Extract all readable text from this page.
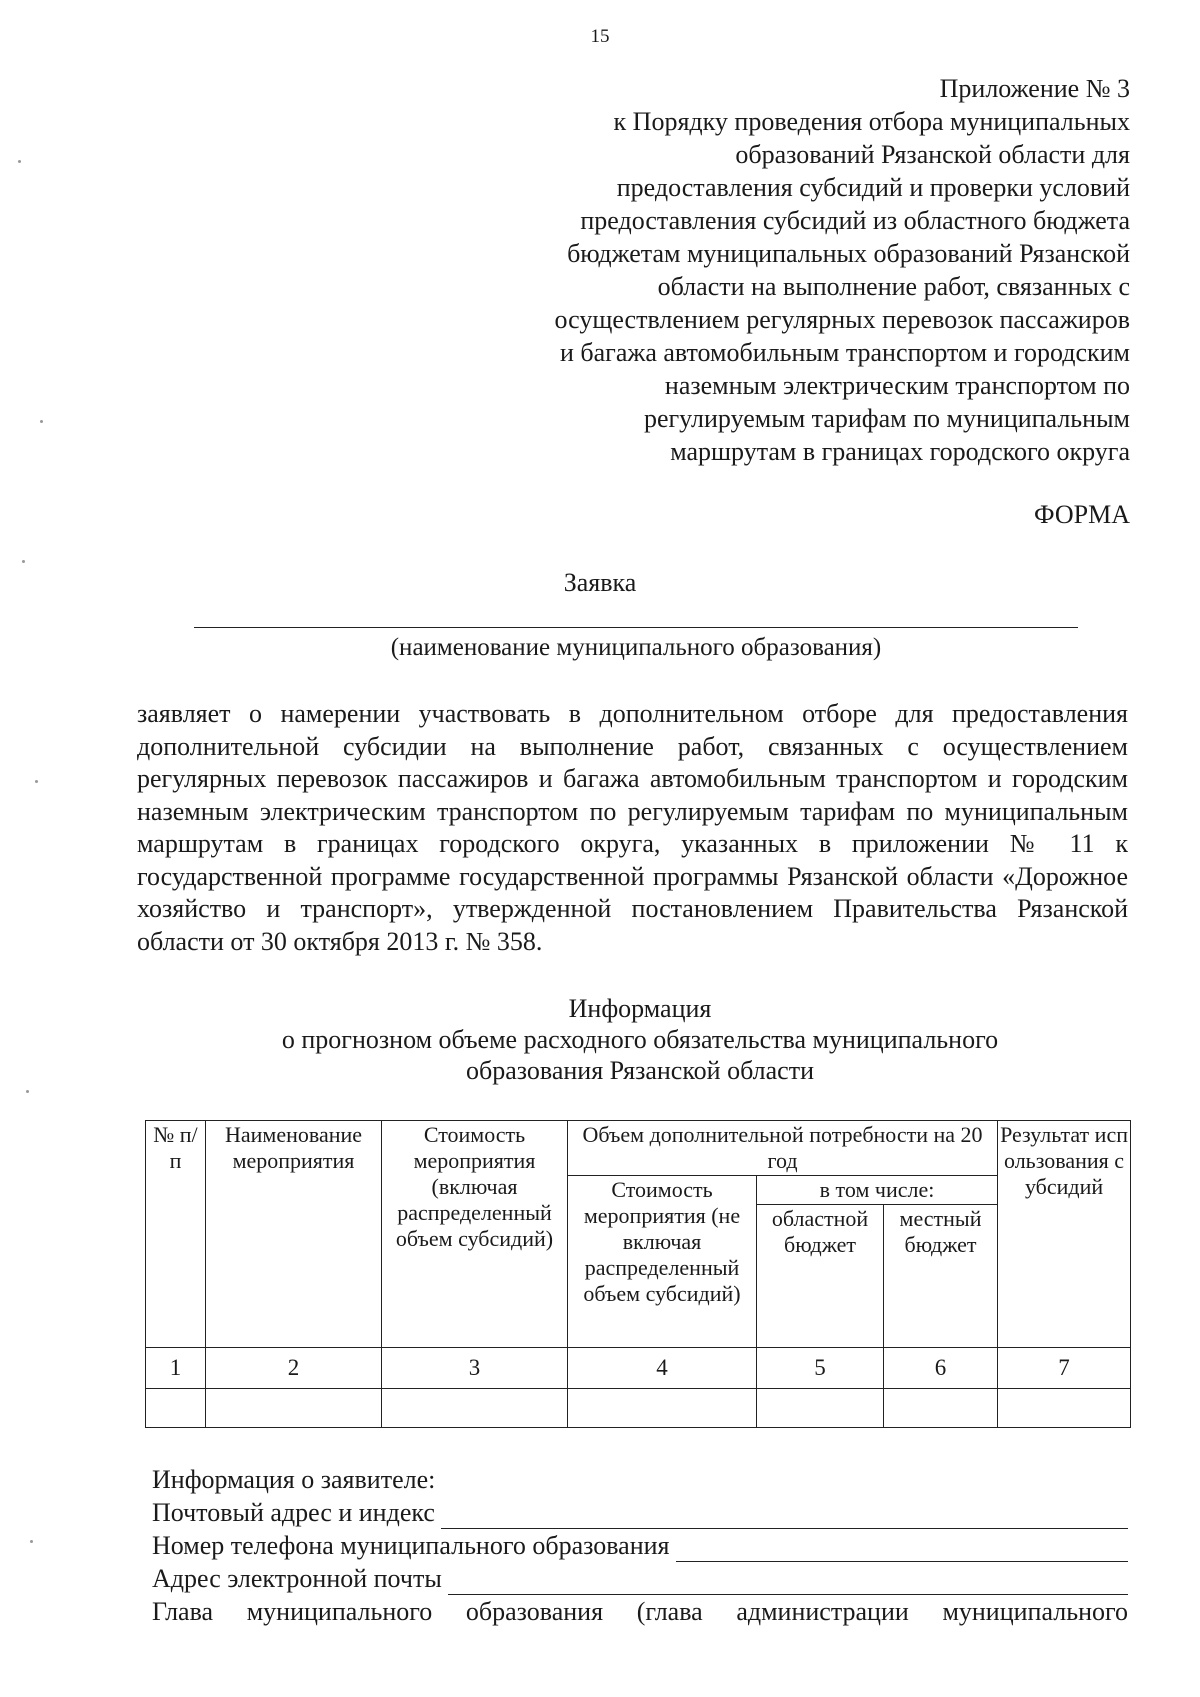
15
Приложение № 3
к Порядку проведения отбора муниципальных
образований Рязанской области для
предоставления субсидий и проверки условий
предоставления субсидий из областного бюджета
бюджетам муниципальных образований Рязанской
области на выполнение работ, связанных с
осуществлением регулярных перевозок пассажиров
и багажа автомобильным транспортом и городским
наземным электрическим транспортом по
регулируемым тарифам по муниципальным
маршрутам в границах городского округа
ФОРМА
Заявка
(наименование муниципального образования)
заявляет о намерении участвовать в дополнительном отборе для предоставления дополнительной субсидии на выполнение работ, связанных с осуществлением регулярных перевозок пассажиров и багажа автомобильным транспортом и городским наземным электрическим транспортом по регулируемым тарифам по муниципальным маршрутам в границах городского округа, указанных в приложении № 11 к государственной программе государственной программы Рязанской области «Дорожное хозяйство и транспорт», утвержденной постановлением Правительства Рязанской области от 30 октября 2013 г. № 358.
Информация
о прогнозном объеме расходного обязательства муниципального
образования Рязанской области
№ п/п	Наименование мероприятия	Стоимость мероприятия (включая распределенный объем субсидий)	Объем дополнительной потребности на 20 год			Результат использования субсидий
			Стоимость мероприятия (не включая распределенный объем субсидий)	в том числе:		
				областной бюджет	местный бюджет	
1	2	3	4	5	6	7

Информация о заявителе:
Почтовый адрес и индекс
Номер телефона муниципального образования
Адрес электронной почты
Глава муниципального образования (глава администрации муниципального
